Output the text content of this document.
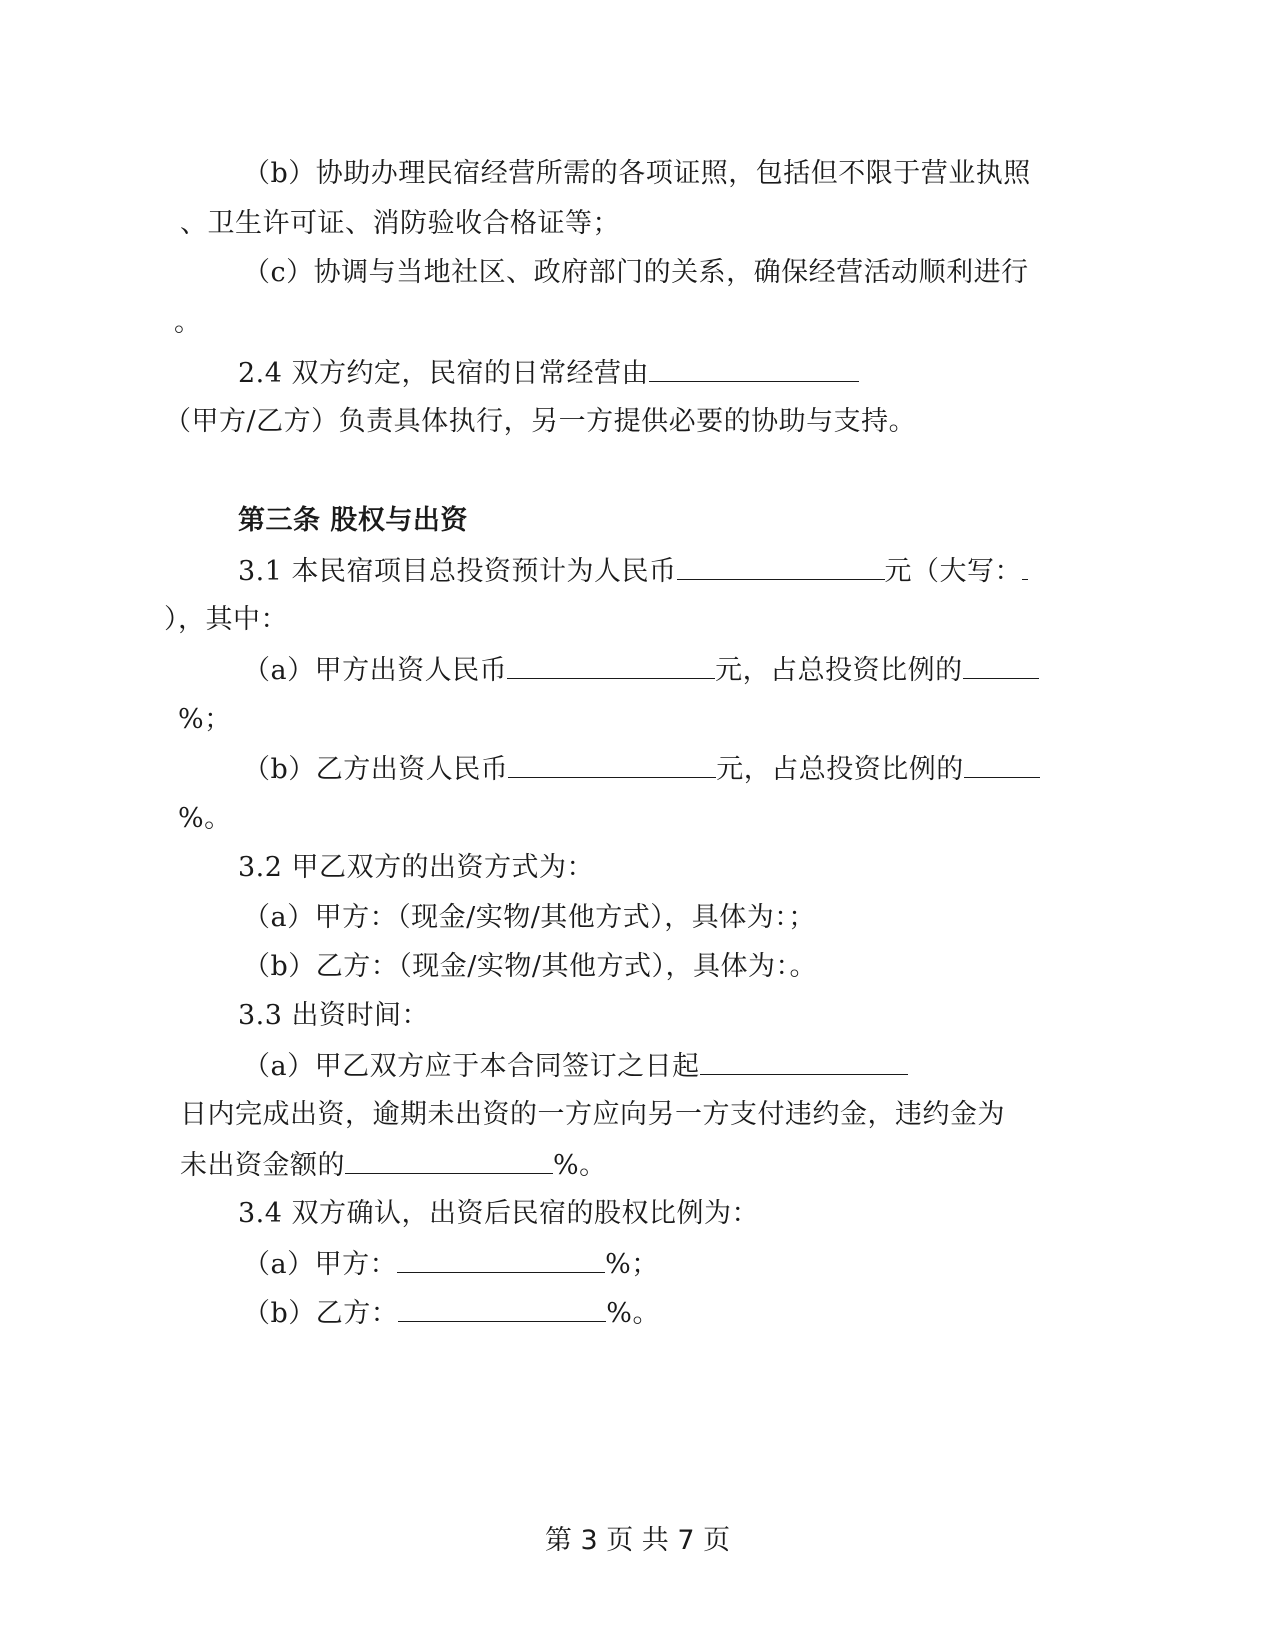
（b）协助办理民宿经营所需的各项证照，包括但不限于营业执照
、卫生许可证、消防验收合格证等；
（c）协调与当地社区、政府部门的关系，确保经营活动顺利进行
。
2.4 双方约定，民宿的日常经营由
（甲方/乙方）负责具体执行，另一方提供必要的协助与支持。
第三条 股权与出资
3.1 本民宿项目总投资预计为人民币	元（大写：
），其中：
（a）甲方出资人民币	元，占总投资比例的
%；
（b）乙方出资人民币	元，占总投资比例的
%。
3.2 甲乙双方的出资方式为：
（a）甲方：（现金/实物/其他方式），具体为：；
（b）乙方：（现金/实物/其他方式），具体为：。
3.3 出资时间：
（a）甲乙双方应于本合同签订之日起
日内完成出资，逾期未出资的一方应向另一方支付违约金，违约金为
未出资金额的	%。
3.4 双方确认，出资后民宿的股权比例为：
（a）甲方：	%；
（b）乙方：	%。
第 3 页 共 7 页
